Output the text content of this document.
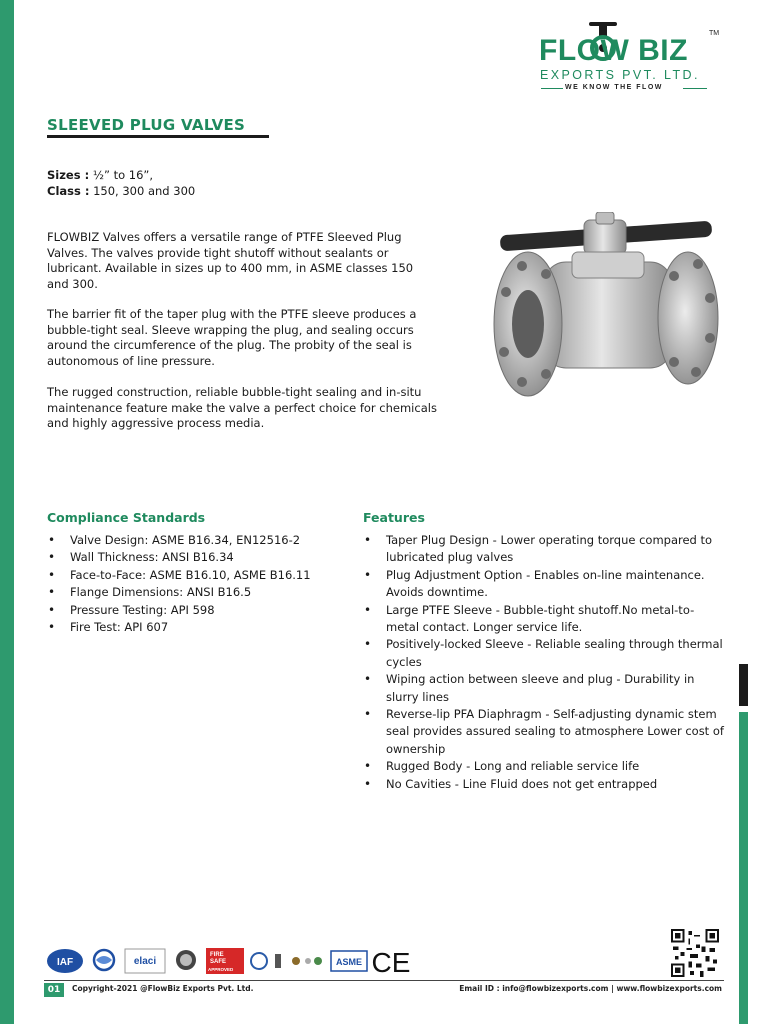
FLOW BIZ
TM
EXPORTS PVT. LTD.
WE KNOW THE FLOW
SLEEVED PLUG VALVES
Sizes : ½” to 16”,
Class : 150, 300 and 300
FLOWBIZ Valves offers a versatile range of PTFE Sleeved Plug Valves. The valves provide tight shutoff without sealants or lubricant. Available in sizes up to 400 mm, in ASME classes 150 and 300.
The barrier fit of the taper plug with the PTFE sleeve produces a bubble-tight seal. Sleeve wrapping the plug, and sealing occurs around the circumference of the plug. The probity of the seal is autonomous of line pressure.
The rugged construction, reliable bubble-tight sealing and in-situ maintenance feature make the valve a perfect choice for chemicals and highly aggressive process media.
Compliance Standards
• Valve Design: ASME B16.34, EN12516-2
• Wall Thickness: ANSI B16.34
• Face-to-Face: ASME B16.10, ASME B16.11
• Flange Dimensions: ANSI B16.5
• Pressure Testing: API 598
• Fire Test: API 607
Features
• Taper Plug Design - Lower operating torque compared to lubricated plug valves
• Plug Adjustment Option - Enables on-line maintenance. Avoids downtime.
• Large PTFE Sleeve - Bubble-tight shutoff.No metal-to-metal contact. Longer service life.
• Positively-locked Sleeve - Reliable sealing through thermal cycles
• Wiping action between sleeve and plug - Durability in slurry lines
• Reverse-lip PFA Diaphragm - Self-adjusting dynamic stem seal provides assured sealing to atmosphere Lower cost of ownership
• Rugged Body - Long and reliable service life
• No Cavities - Line Fluid does not get entrapped
IAF	elaci
FIRE
SAFE
APPROVED
ASME CE
01	Copyright-2021 @FlowBiz Exports Pvt. Ltd.	Email ID : info@flowbizexports.com | www.flowbizexports.com
